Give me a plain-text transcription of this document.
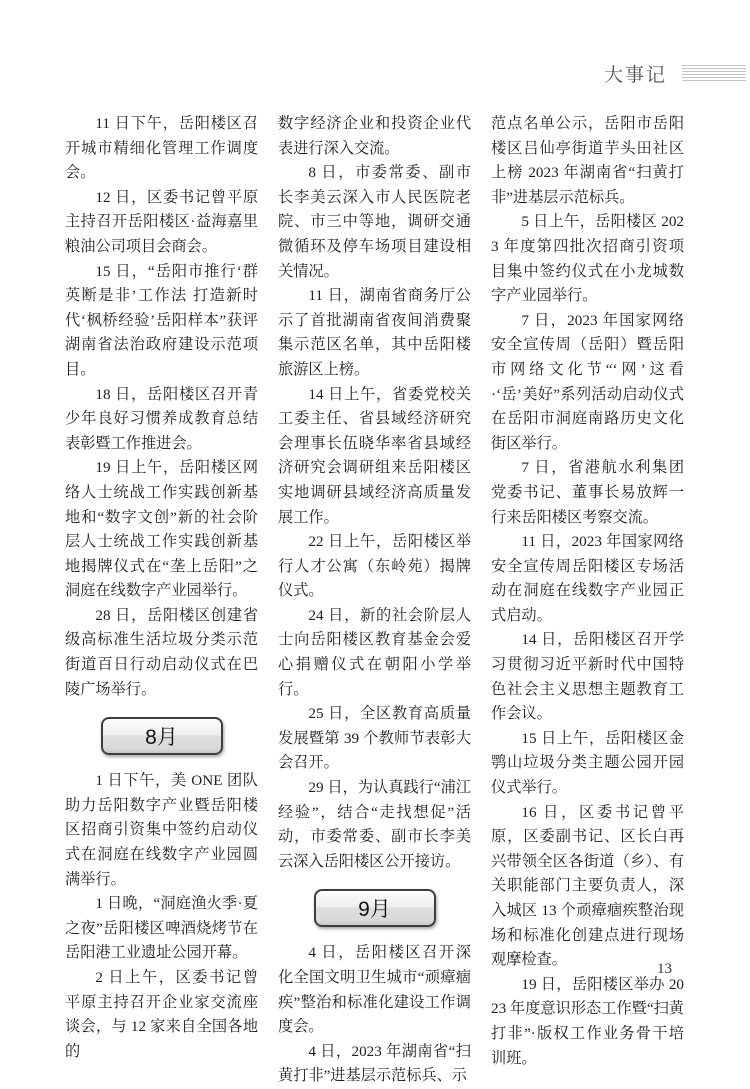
大事记

11 日下午，岳阳楼区召开城市精细化管理工作调度会。

12 日，区委书记曾平原主持召开岳阳楼区·益海嘉里粮油公司项目会商会。

15 日，“岳阳市推行‘群英断是非’工作法 打造新时代‘枫桥经验’岳阳样本”获评湖南省法治政府建设示范项目。

18 日，岳阳楼区召开青少年良好习惯养成教育总结表彰暨工作推进会。

19 日上午，岳阳楼区网络人士统战工作实践创新基地和“数字文创”新的社会阶层人士统战工作实践创新基地揭牌仪式在“垄上岳阳”之洞庭在线数字产业园举行。

28 日，岳阳楼区创建省级高标准生活垃圾分类示范街道百日行动启动仪式在巴陵广场举行。

8月

1 日下午，美 ONE 团队助力岳阳数字产业暨岳阳楼区招商引资集中签约启动仪式在洞庭在线数字产业园圆满举行。

1 日晚，“洞庭渔火季·夏之夜”岳阳楼区啤酒烧烤节在岳阳港工业遗址公园开幕。

2 日上午，区委书记曾平原主持召开企业家交流座谈会，与 12 家来自全国各地的

数字经济企业和投资企业代表进行深入交流。

8 日，市委常委、副市长李美云深入市人民医院老院、市三中等地，调研交通微循环及停车场项目建设相关情况。

11 日，湖南省商务厅公示了首批湖南省夜间消费聚集示范区名单，其中岳阳楼旅游区上榜。

14 日上午，省委党校关工委主任、省县域经济研究会理事长伍晓华率省县域经济研究会调研组来岳阳楼区实地调研县域经济高质量发展工作。

22 日上午，岳阳楼区举行人才公寓（东岭苑）揭牌仪式。

24 日，新的社会阶层人士向岳阳楼区教育基金会爱心捐赠仪式在朝阳小学举行。

25 日，全区教育高质量发展暨第 39 个教师节表彰大会召开。

29 日，为认真践行“浦江经验”，结合“走找想促”活动，市委常委、副市长李美云深入岳阳楼区公开接访。

9月

4 日，岳阳楼区召开深化全国文明卫生城市“顽瘴痼疾”整治和标准化建设工作调度会。

4 日，2023 年湖南省“扫黄打非”进基层示范标兵、示

范点名单公示，岳阳市岳阳楼区吕仙亭街道芋头田社区上榜 2023 年湖南省“扫黄打非”进基层示范标兵。

5 日上午，岳阳楼区 2023 年度第四批次招商引资项目集中签约仪式在小龙城数字产业园举行。

7 日，2023 年国家网络安全宣传周（岳阳）暨岳阳市网络文化节“‘网’这看·‘岳’美好”系列活动启动仪式在岳阳市洞庭南路历史文化街区举行。

7 日，省港航水利集团党委书记、董事长易放辉一行来岳阳楼区考察交流。

11 日，2023 年国家网络安全宣传周岳阳楼区专场活动在洞庭在线数字产业园正式启动。

14 日，岳阳楼区召开学习贯彻习近平新时代中国特色社会主义思想主题教育工作会议。

15 日上午，岳阳楼区金鹗山垃圾分类主题公园开园仪式举行。

16 日，区委书记曾平原，区委副书记、区长白再兴带领全区各街道（乡）、有关职能部门主要负责人，深入城区 13 个顽瘴痼疾整治现场和标准化创建点进行现场观摩检查。

19 日，岳阳楼区举办 2023 年度意识形态工作暨“扫黄打非”·版权工作业务骨干培训班。

13
